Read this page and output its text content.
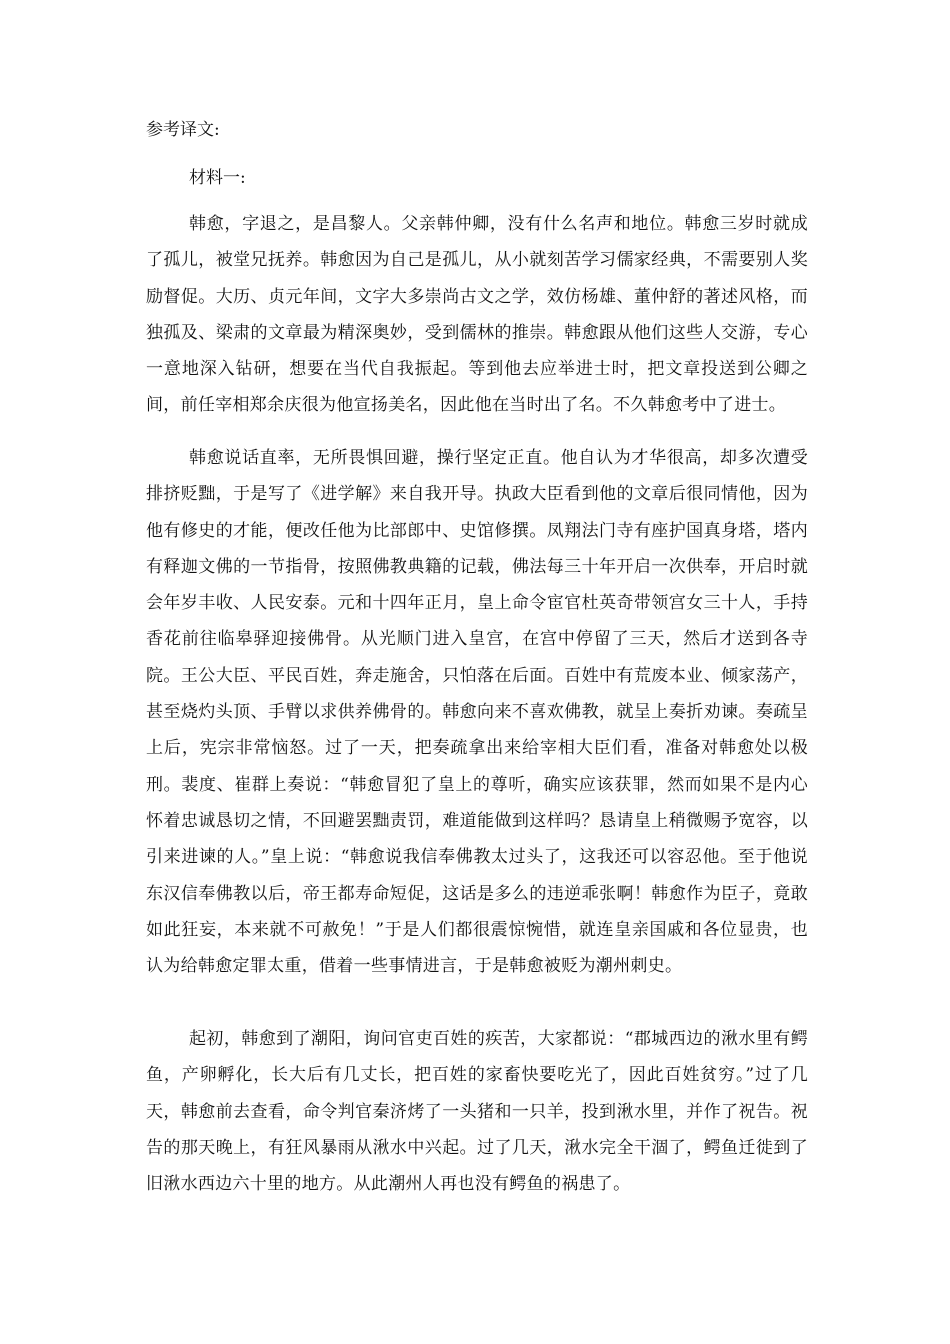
参考译文:

材料一:

韩愈，字退之，是昌黎人。父亲韩仲卿，没有什么名声和地位。韩愈三岁时就成了孤儿，被堂兄抚养。韩愈因为自己是孤儿，从小就刻苦学习儒家经典，不需要别人奖励督促。大历、贞元年间，文字大多崇尚古文之学，效仿杨雄、董仲舒的著述风格，而独孤及、梁肃的文章最为精深奥妙，受到儒林的推崇。韩愈跟从他们这些人交游，专心一意地深入钻研，想要在当代自我振起。等到他去应举进士时，把文章投送到公卿之间，前任宰相郑余庆很为他宣扬美名，因此他在当时出了名。不久韩愈考中了进士。

韩愈说话直率，无所畏惧回避，操行坚定正直。他自认为才华很高，却多次遭受排挤贬黜，于是写了《进学解》来自我开导。执政大臣看到他的文章后很同情他，因为他有修史的才能，便改任他为比部郎中、史馆修撰。凤翔法门寺有座护国真身塔，塔内有释迦文佛的一节指骨，按照佛教典籍的记载，佛法每三十年开启一次供奉，开启时就会年岁丰收、人民安泰。元和十四年正月，皇上命令宦官杜英奇带领宫女三十人，手持香花前往临皋驿迎接佛骨。从光顺门进入皇宫，在宫中停留了三天，然后才送到各寺院。王公大臣、平民百姓，奔走施舍，只怕落在后面。百姓中有荒废本业、倾家荡产，甚至烧灼头顶、手臂以求供养佛骨的。韩愈向来不喜欢佛教，就呈上奏折劝谏。奏疏呈上后，宪宗非常恼怒。过了一天，把奏疏拿出来给宰相大臣们看，准备对韩愈处以极刑。裴度、崔群上奏说：“韩愈冒犯了皇上的尊听，确实应该获罪，然而如果不是内心怀着忠诚恳切之情，不回避罢黜责罚，难道能做到这样吗？恳请皇上稍微赐予宽容，以引来进谏的人。”皇上说：“韩愈说我信奉佛教太过头了，这我还可以容忍他。至于他说东汉信奉佛教以后，帝王都寿命短促，这话是多么的违逆乖张啊！韩愈作为臣子，竟敢如此狂妄，本来就不可赦免！”于是人们都很震惊惋惜，就连皇亲国戚和各位显贵，也认为给韩愈定罪太重，借着一些事情进言，于是韩愈被贬为潮州刺史。

起初，韩愈到了潮阳，询问官吏百姓的疾苦，大家都说：“郡城西边的湫水里有鳄鱼，产卵孵化，长大后有几丈长，把百姓的家畜快要吃光了，因此百姓贫穷。”过了几天，韩愈前去查看，命令判官秦济烤了一头猪和一只羊，投到湫水里，并作了祝告。祝告的那天晚上，有狂风暴雨从湫水中兴起。过了几天，湫水完全干涸了，鳄鱼迁徙到了旧湫水西边六十里的地方。从此潮州人再也没有鳄鱼的祸患了。
